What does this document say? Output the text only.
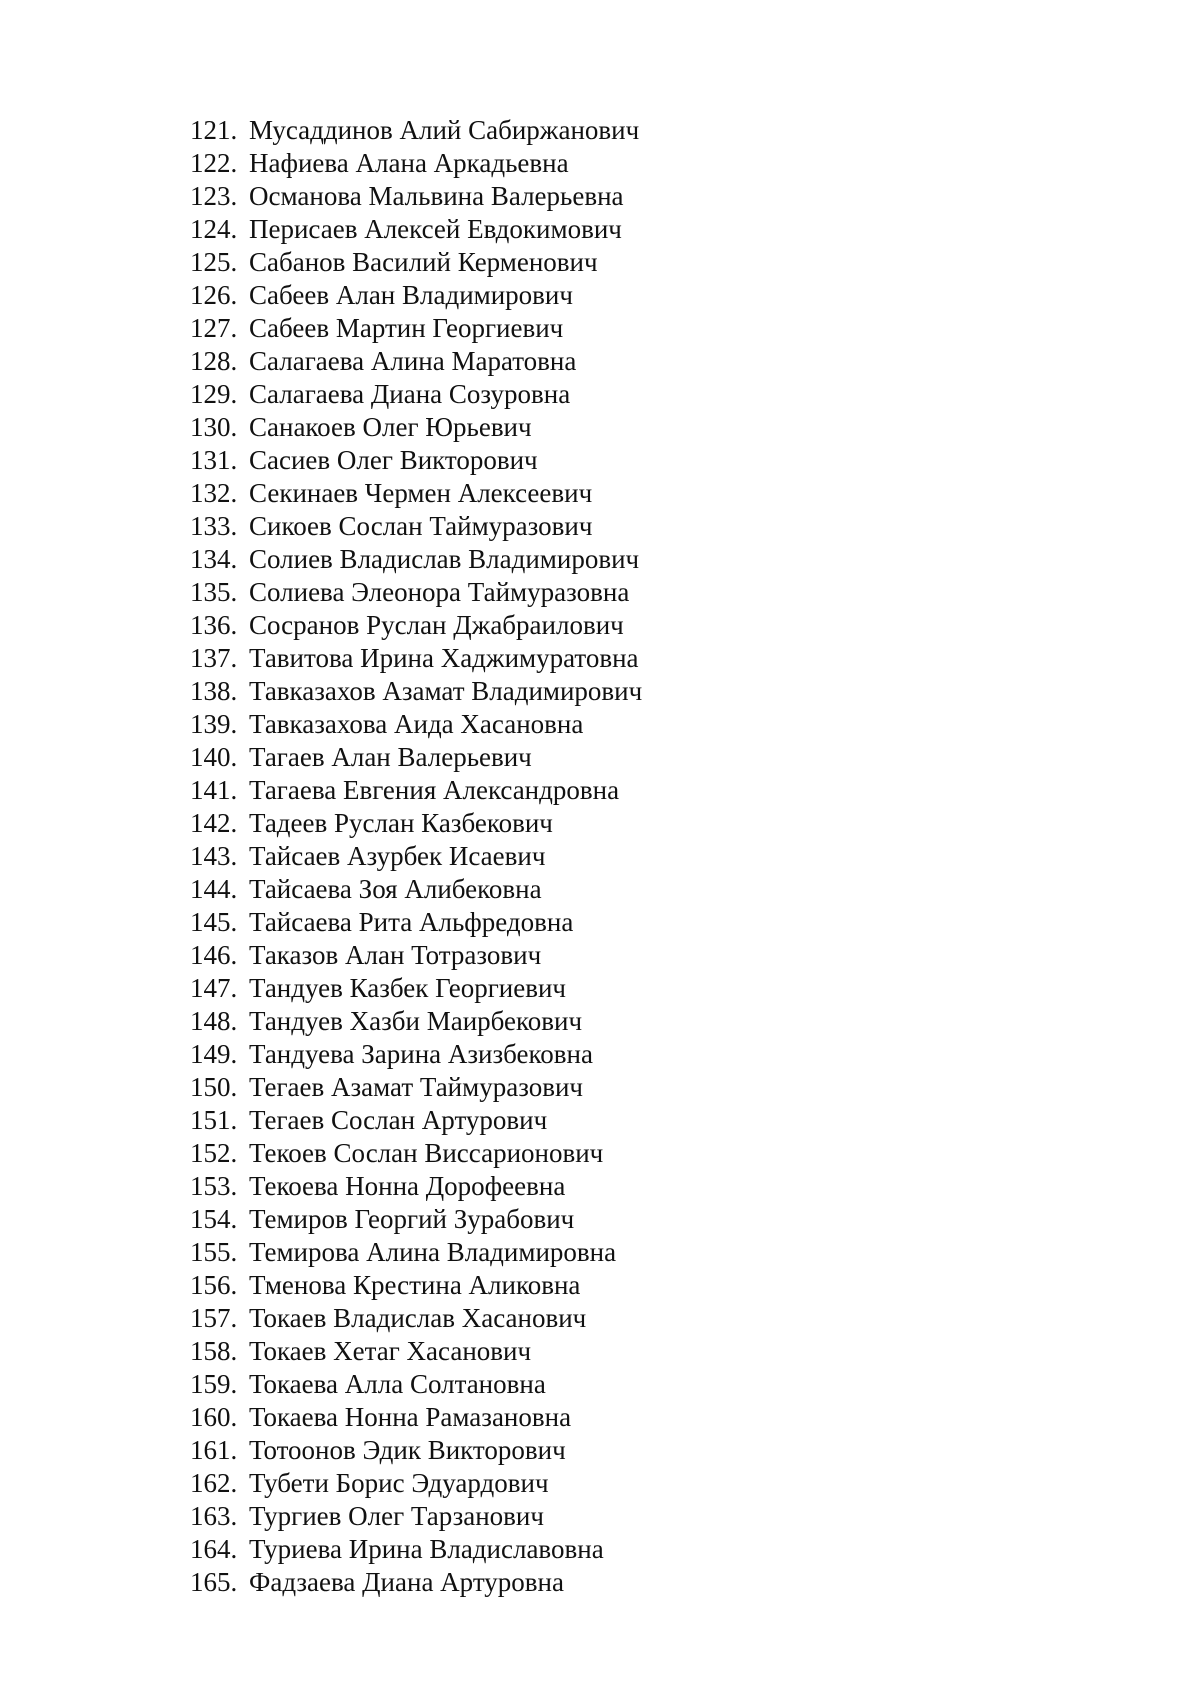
121. Мусаддинов Алий Сабиржанович
122. Нафиева Алана Аркадьевна
123. Османова Мальвина Валерьевна
124. Перисаев Алексей Евдокимович
125. Сабанов Василий Керменович
126. Сабеев Алан Владимирович
127. Сабеев Мартин Георгиевич
128. Салагаева Алина Маратовна
129. Салагаева Диана Созуровна
130. Санакоев Олег Юрьевич
131. Сасиев Олег Викторович
132. Секинаев Чермен Алексеевич
133. Сикоев Сослан Таймуразович
134. Солиев Владислав Владимирович
135. Солиева Элеонора Таймуразовна
136. Сосранов Руслан Джабраилович
137. Тавитова Ирина Хаджимуратовна
138. Тавказахов Азамат Владимирович
139. Тавказахова Аида Хасановна
140. Тагаев Алан Валерьевич
141. Тагаева Евгения Александровна
142. Тадеев Руслан Казбекович
143. Тайсаев Азурбек Исаевич
144. Тайсаева Зоя Алибековна
145. Тайсаева Рита Альфредовна
146. Таказов Алан Тотразович
147. Тандуев Казбек Георгиевич
148. Тандуев Хазби Маирбекович
149. Тандуева Зарина Азизбековна
150. Тегаев Азамат Таймуразович
151. Тегаев Сослан Артурович
152. Текоев Сослан Виссарионович
153. Текоева Нонна Дорофеевна
154. Темиров Георгий Зурабович
155. Темирова Алина Владимировна
156. Тменова Крестина Аликовна
157. Токаев Владислав Хасанович
158. Токаев Хетаг Хасанович
159. Токаева Алла Солтановна
160. Токаева Нонна Рамазановна
161. Тотоонов Эдик Викторович
162. Тубети Борис Эдуардович
163. Тургиев Олег Тарзанович
164. Туриева Ирина Владиславовна
165. Фадзаева Диана Артуровна
